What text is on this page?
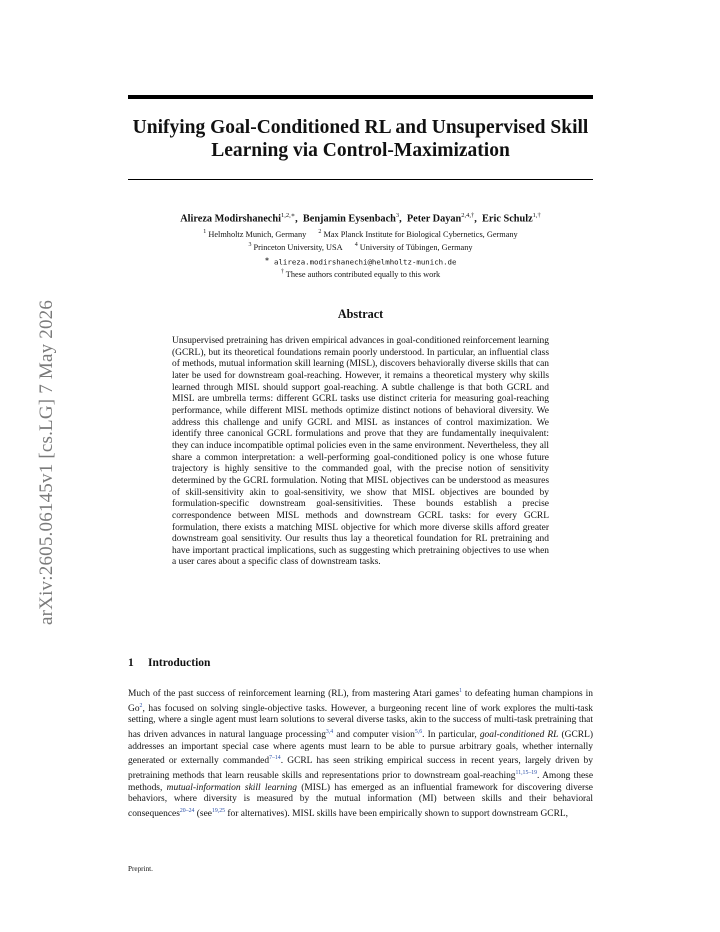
arXiv:2605.06145v1 [cs.LG] 7 May 2026
Unifying Goal-Conditioned RL and Unsupervised Skill Learning via Control-Maximization
Alireza Modirshanechi$^{1,2,∗}$,  Benjamin Eysenbach$^3$,  Peter Dayan$^{2,4,\dagger}$,  Eric Schulz$^{1,\dagger}$
$^1$ Helmholtz Munich, Germany $^2$ Max Planck Institute for Biological Cybernetics, Germany
$^3$ Princeton University, USA $^4$ University of Tübingen, Germany
∗ alireza.modirshanechi@helmholtz-munich.de
† These authors contributed equally to this work
Abstract

Unsupervised pretraining has driven empirical advances in goal-conditioned reinforcement learning (GCRL), but its theoretical foundations remain poorly understood. In particular, an influential class of methods, mutual information skill learning (MISL), discovers behaviorally diverse skills that can later be used for downstream goal-reaching. However, it remains a theoretical mystery why skills learned through MISL should support goal-reaching. A subtle challenge is that both GCRL and MISL are umbrella terms: different GCRL tasks use distinct criteria for measuring goal-reaching performance, while different MISL methods optimize distinct notions of behavioral diversity. We address this challenge and unify GCRL and MISL as instances of control maximization. We identify three canonical GCRL formulations and prove that they are fundamentally inequivalent: they can induce incompatible optimal policies even in the same environment. Nevertheless, they all share a common interpretation: a well-performing goal-conditioned policy is one whose future trajectory is highly sensitive to the commanded goal, with the precise notion of sensitivity determined by the GCRL formulation. Noting that MISL objectives can be understood as measures of skill-sensitivity akin to goal-sensitivity, we show that MISL objectives are bounded by formulation-specific downstream goal-sensitivities. These bounds establish a precise correspondence between MISL methods and downstream GCRL tasks: for every GCRL formulation, there exists a matching MISL objective for which more diverse skills afford greater downstream goal sensitivity. Our results thus lay a theoretical foundation for RL pretraining and have important practical implications, such as suggesting which pretraining objectives to use when a user cares about a specific class of downstream tasks.

1 Introduction

Much of the past success of reinforcement learning (RL), from mastering Atari games$^1$ to defeating human champions in Go$^2$, has focused on solving single-objective tasks. However, a burgeoning recent line of work explores the multi-task setting, where a single agent must learn solutions to several diverse tasks, akin to the success of multi-task pretraining that has driven advances in natural language processing$^{3,4}$ and computer vision$^{5,6}$. In particular, goal-conditioned RL (GCRL) addresses an important special case where agents must learn to be able to pursue arbitrary goals, whether internally generated or externally commanded$^{7-14}$. GCRL has seen striking empirical success in recent years, largely driven by pretraining methods that learn reusable skills and representations prior to downstream goal-reaching$^{11,15-19}$. Among these methods, mutual-information skill learning (MISL) has emerged as an influential framework for discovering diverse behaviors, where diversity is measured by the mutual information (MI) between skills and their behavioral consequences$^{20-24}$ (see$^{19,25}$ for alternatives). MISL skills have been empirically shown to support downstream GCRL,

Preprint.
